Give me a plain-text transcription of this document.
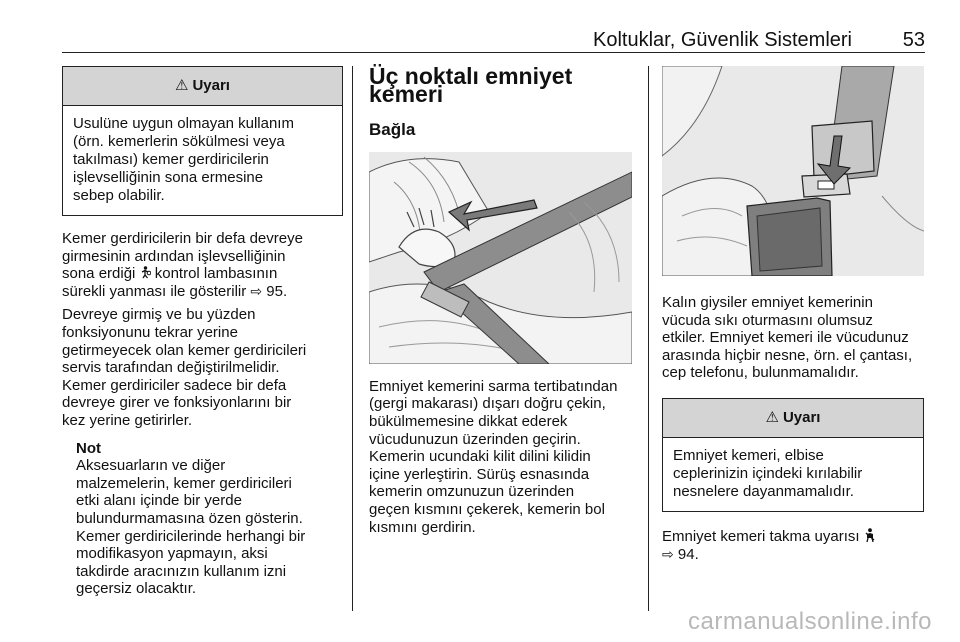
Koltuklar, Güvenlik Sistemleri	53
⚠ Uyarı
Usulüne uygun olmayan kullanım
(örn. kemerlerin sökülmesi veya
takılması) kemer gerdiricilerin
işlevselliğinin sona ermesine
sebep olabilir.

Kemer gerdiricilerin bir defa devreye
girmesinin ardından işlevselliğinin
sona erdiği  kontrol lambasının
sürekli yanması ile gösterilir ⇨ 95.

Devreye girmiş ve bu yüzden
fonksiyonunu tekrar yerine
getirmeyecek olan kemer gerdiricileri
servis tarafından değiştirilmelidir.
Kemer gerdiriciler sadece bir defa
devreye girer ve fonksiyonlarını bir
kez yerine getirirler.

Not
Aksesuarların ve diğer
malzemelerin, kemer gerdiricileri
etki alanı içinde bir yerde
bulundurmamasına özen gösterin.
Kemer gerdiricilerinde herhangi bir
modifikasyon yapmayın, aksi
takdirde aracınızın kullanım izni
geçersiz olacaktır.
Üç noktalı emniyet kemeri
Bağla

Emniyet kemerini sarma tertibatından
(gergi makarası) dışarı doğru çekin,
bükülmemesine dikkat ederek
vücudunuzun üzerinden geçirin.
Kemerin ucundaki kilit dilini kilidin
içine yerleştirin. Sürüş esnasında
kemerin omzunuzun üzerinden
geçen kısmını çekerek, kemerin bol
kısmını gerdirin.

Kalın giysiler emniyet kemerinin
vücuda sıkı oturmasını olumsuz
etkiler. Emniyet kemeri ile vücudunuz
arasında hiçbir nesne, örn. el çantası,
cep telefonu, bulunmamalıdır.

⚠ Uyarı
Emniyet kemeri, elbise
ceplerinizin içindeki kırılabilir
nesnelere dayanmamalıdır.

Emniyet kemeri takma uyarısı
⇨ 94.

carmanualsonline.info
